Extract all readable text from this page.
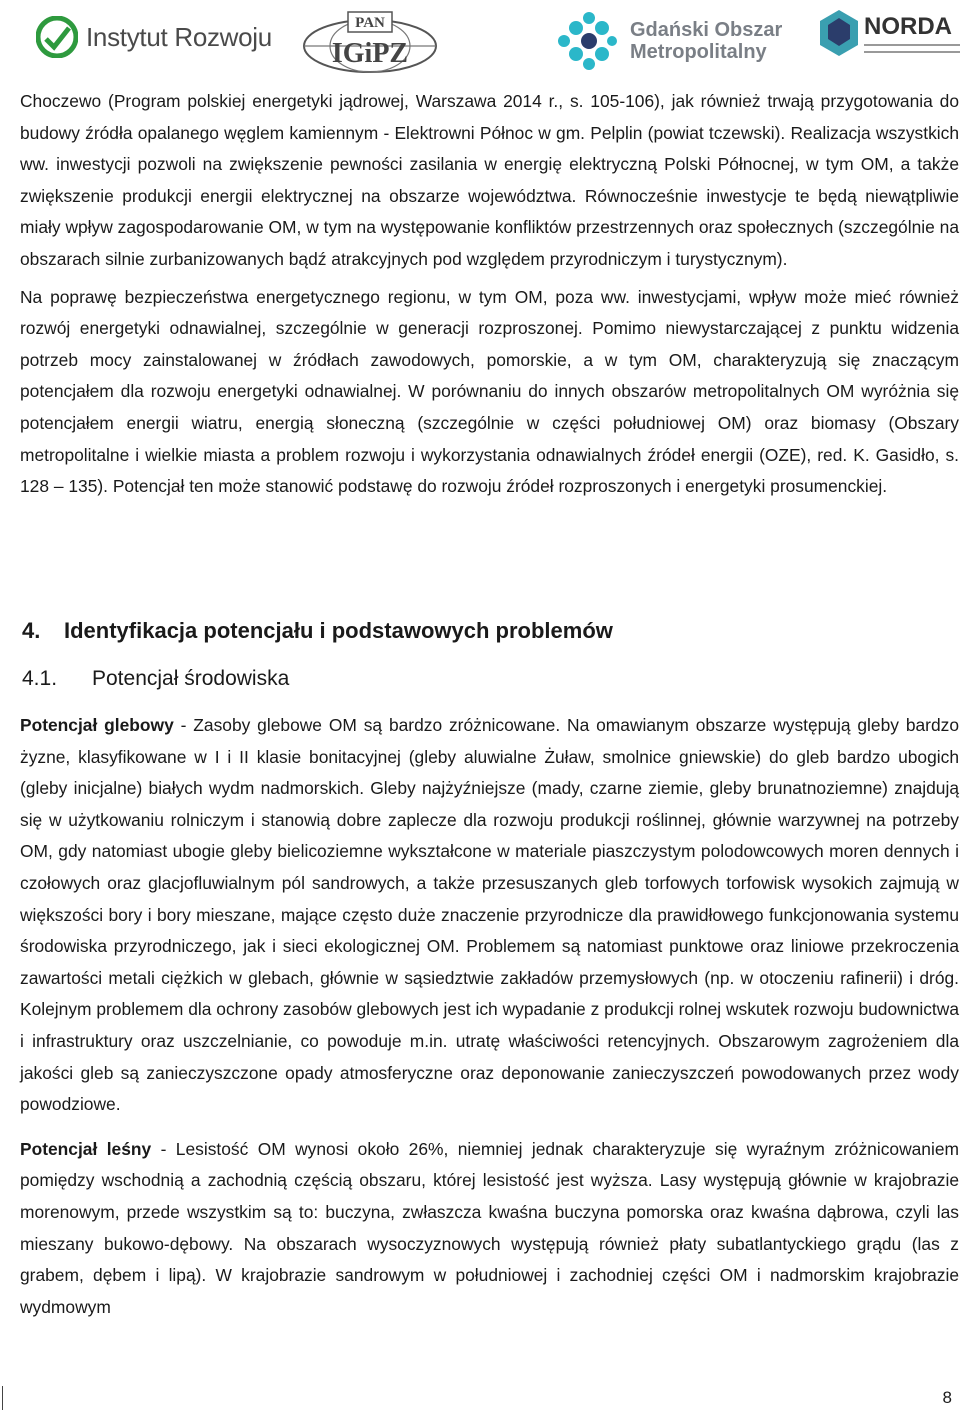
Instytut Rozwoju	PAN
IGiPZ
Gdański Obszar
Metropolitalny
NORDA

Choczewo (Program polskiej energetyki jądrowej, Warszawa 2014 r., s. 105-106), jak również trwają przygotowania do budowy źródła opalanego węglem kamiennym - Elektrowni Północ w gm. Pelplin (powiat tczewski). Realizacja wszystkich ww. inwestycji pozwoli na zwiększenie pewności zasilania w energię elektryczną Polski Północnej, w tym OM, a także zwiększenie produkcji energii elektrycznej na obszarze województwa. Równocześnie inwestycje te będą niewątpliwie miały wpływ zagospodarowanie OM, w tym na występowanie konfliktów przestrzennych oraz społecznych (szczególnie na obszarach silnie zurbanizowanych bądź atrakcyjnych pod względem przyrodniczym i turystycznym).

Na poprawę bezpieczeństwa energetycznego regionu, w tym OM, poza ww. inwestycjami, wpływ może mieć również rozwój energetyki odnawialnej, szczególnie w generacji rozproszonej. Pomimo niewystarczającej z punktu widzenia potrzeb mocy zainstalowanej w źródłach zawodowych, pomorskie, a w tym OM, charakteryzują się znaczącym potencjałem dla rozwoju energetyki odnawialnej. W porównaniu do innych obszarów metropolitalnych OM wyróżnia się potencjałem energii wiatru, energią słoneczną (szczególnie w części południowej OM) oraz biomasy (Obszary metropolitalne i wielkie miasta a problem rozwoju i wykorzystania odnawialnych źródeł energii (OZE), red. K. Gasidło, s. 128 – 135). Potencjał ten może stanowić podstawę do rozwoju źródeł rozproszonych i energetyki prosumenckiej.

4. Identyfikacja potencjału i podstawowych problemów
4.1. Potencjał środowiska

Potencjał glebowy - Zasoby glebowe OM są bardzo zróżnicowane. Na omawianym obszarze występują gleby bardzo żyzne, klasyfikowane w I i II klasie bonitacyjnej (gleby aluwialne Żuław, smolnice gniewskie) do gleb bardzo ubogich (gleby inicjalne) białych wydm nadmorskich. Gleby najżyźniejsze (mady, czarne ziemie, gleby brunatnoziemne) znajdują się w użytkowaniu rolniczym i stanowią dobre zaplecze dla rozwoju produkcji roślinnej, głównie warzywnej na potrzeby OM, gdy natomiast ubogie gleby bielicoziemne wykształcone w materiale piaszczystym polodowcowych moren dennych i czołowych oraz glacjofluwialnym pól sandrowych, a także przesuszanych gleb torfowych torfowisk wysokich zajmują w większości bory i bory mieszane, mające często duże znaczenie przyrodnicze dla prawidłowego funkcjonowania systemu środowiska przyrodniczego, jak i sieci ekologicznej OM. Problemem są natomiast punktowe oraz liniowe przekroczenia zawartości metali ciężkich w glebach, głównie w sąsiedztwie zakładów przemysłowych (np. w otoczeniu rafinerii) i dróg. Kolejnym problemem dla ochrony zasobów glebowych jest ich wypadanie z produkcji rolnej wskutek rozwoju budownictwa i infrastruktury oraz uszczelnianie, co powoduje m.in. utratę właściwości retencyjnych. Obszarowym zagrożeniem dla jakości gleb są zanieczyszczone opady atmosferyczne oraz deponowanie zanieczyszczeń powodowanych przez wody powodziowe.

Potencjał leśny - Lesistość OM wynosi około 26%, niemniej jednak charakteryzuje się wyraźnym zróżnicowaniem pomiędzy wschodnią a zachodnią częścią obszaru, której lesistość jest wyższa. Lasy występują głównie w krajobrazie morenowym, przede wszystkim są to: buczyna, zwłaszcza kwaśna buczyna pomorska oraz kwaśna dąbrowa, czyli las mieszany bukowo-dębowy. Na obszarach wysoczyznowych występują również płaty subatlantyckiego grądu (las z grabem, dębem i lipą). W krajobrazie sandrowym w południowej i zachodniej części OM i nadmorskim krajobrazie wydmowym

8
